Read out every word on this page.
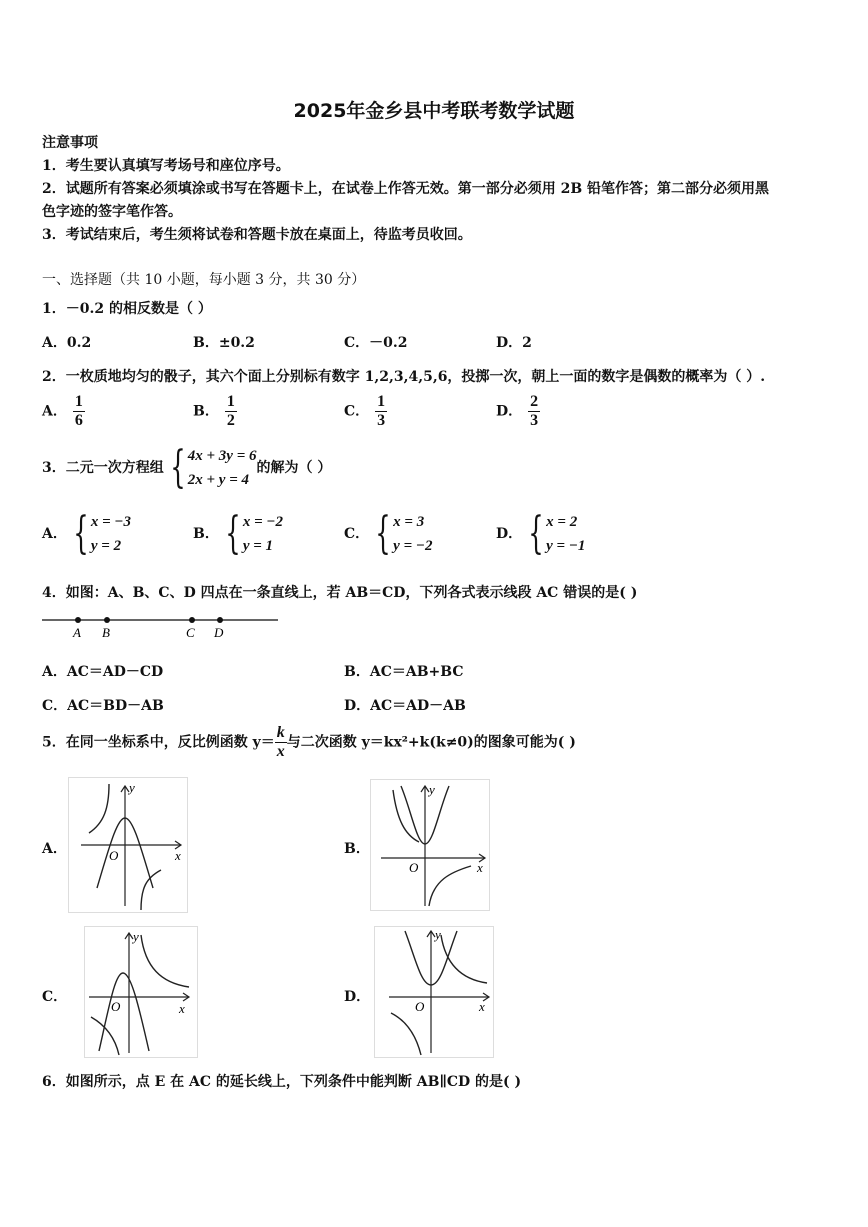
2025年金乡县中考联考数学试题
注意事项
1．考生要认真填写考场号和座位序号。
2．试题所有答案必须填涂或书写在答题卡上，在试卷上作答无效。第一部分必须用 2B 铅笔作答；第二部分必须用黑
色字迹的签字笔作答。
3．考试结束后，考生须将试卷和答题卡放在桌面上，待监考员收回。
一、选择题（共 10 小题，每小题 3 分，共 30 分）
1．－0.2 的相反数是（ ）
A．0.2	B．±0.2	C．－0.2	D．2
2．一枚质地均匀的骰子，其六个面上分别标有数字 1,2,3,4,5,6，投掷一次，朝上一面的数字是偶数的概率为（ ）.
A． $\frac{1}{6}$	B． $\frac{1}{2}$	C． $\frac{1}{3}$	D． $\frac{2}{3}$
3．二元一次方程组 { 4x + 3y = 6
2x + y = 4
的解为（ ）
A． { x = −3
y = 2
B． { x = −2
y = 1
C． { x = 3
y = −2
D． { x = 2
y = −1
4．如图：A、B、C、D 四点在一条直线上，若 AB＝CD，下列各式表示线段 AC 错误的是( )
A B	C D
A．AC＝AD－CD	B．AC＝AB+BC
C．AC＝BD－AB	D．AC＝AD－AB
5．在同一坐标系中，反比例函数 $y= \frac{k}{x}$ 与二次函数 y＝kx²+k(k≠0)的图象可能为( )
A．	x
y
O	B．
x
y
O
C．
x
y
O
D．
x
y
O
6．如图所示，点 E 在 AC 的延长线上，下列条件中能判断 AB∥CD 的是( )
